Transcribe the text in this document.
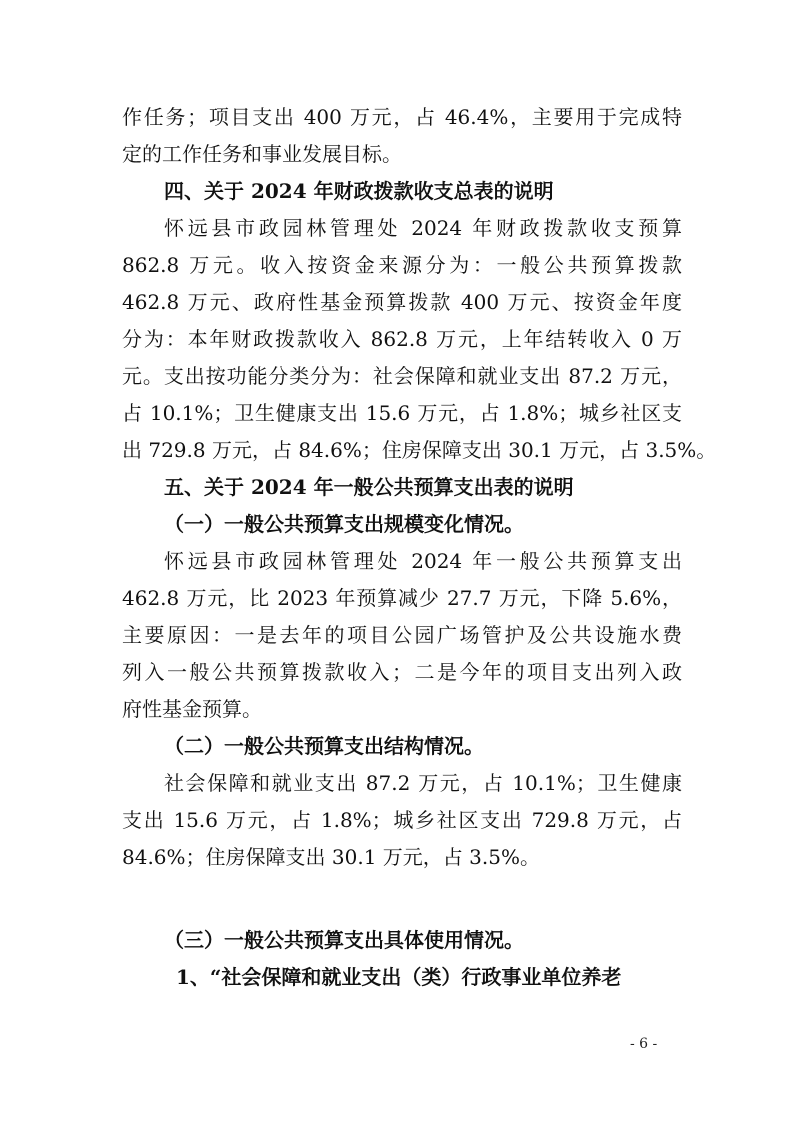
作任务；项目支出 400 万元，占 46.4%，主要用于完成特
定的工作任务和事业发展目标。
四、关于 2024 年财政拨款收支总表的说明
怀远县市政园林管理处 2024 年财政拨款收支预算
862.8 万元。收入按资金来源分为：一般公共预算拨款
462.8 万元、政府性基金预算拨款 400 万元、按资金年度
分为：本年财政拨款收入 862.8 万元，上年结转收入 0 万
元。支出按功能分类分为：社会保障和就业支出 87.2 万元，
占 10.1%；卫生健康支出 15.6 万元，占 1.8%；城乡社区支
出 729.8 万元，占 84.6%；住房保障支出 30.1 万元，占 3.5%。
五、关于 2024 年一般公共预算支出表的说明
（一）一般公共预算支出规模变化情况。
怀远县市政园林管理处 2024 年一般公共预算支出
462.8 万元，比 2023 年预算减少 27.7 万元，下降 5.6%，
主要原因：一是去年的项目公园广场管护及公共设施水费
列入一般公共预算拨款收入；二是今年的项目支出列入政
府性基金预算。
（二）一般公共预算支出结构情况。
社会保障和就业支出 87.2 万元，占 10.1%；卫生健康
支出 15.6 万元，占 1.8%；城乡社区支出 729.8 万元，占
84.6%；住房保障支出 30.1 万元，占 3.5%。
（三）一般公共预算支出具体使用情况。
1、“社会保障和就业支出（类）行政事业单位养老
- 6 -
